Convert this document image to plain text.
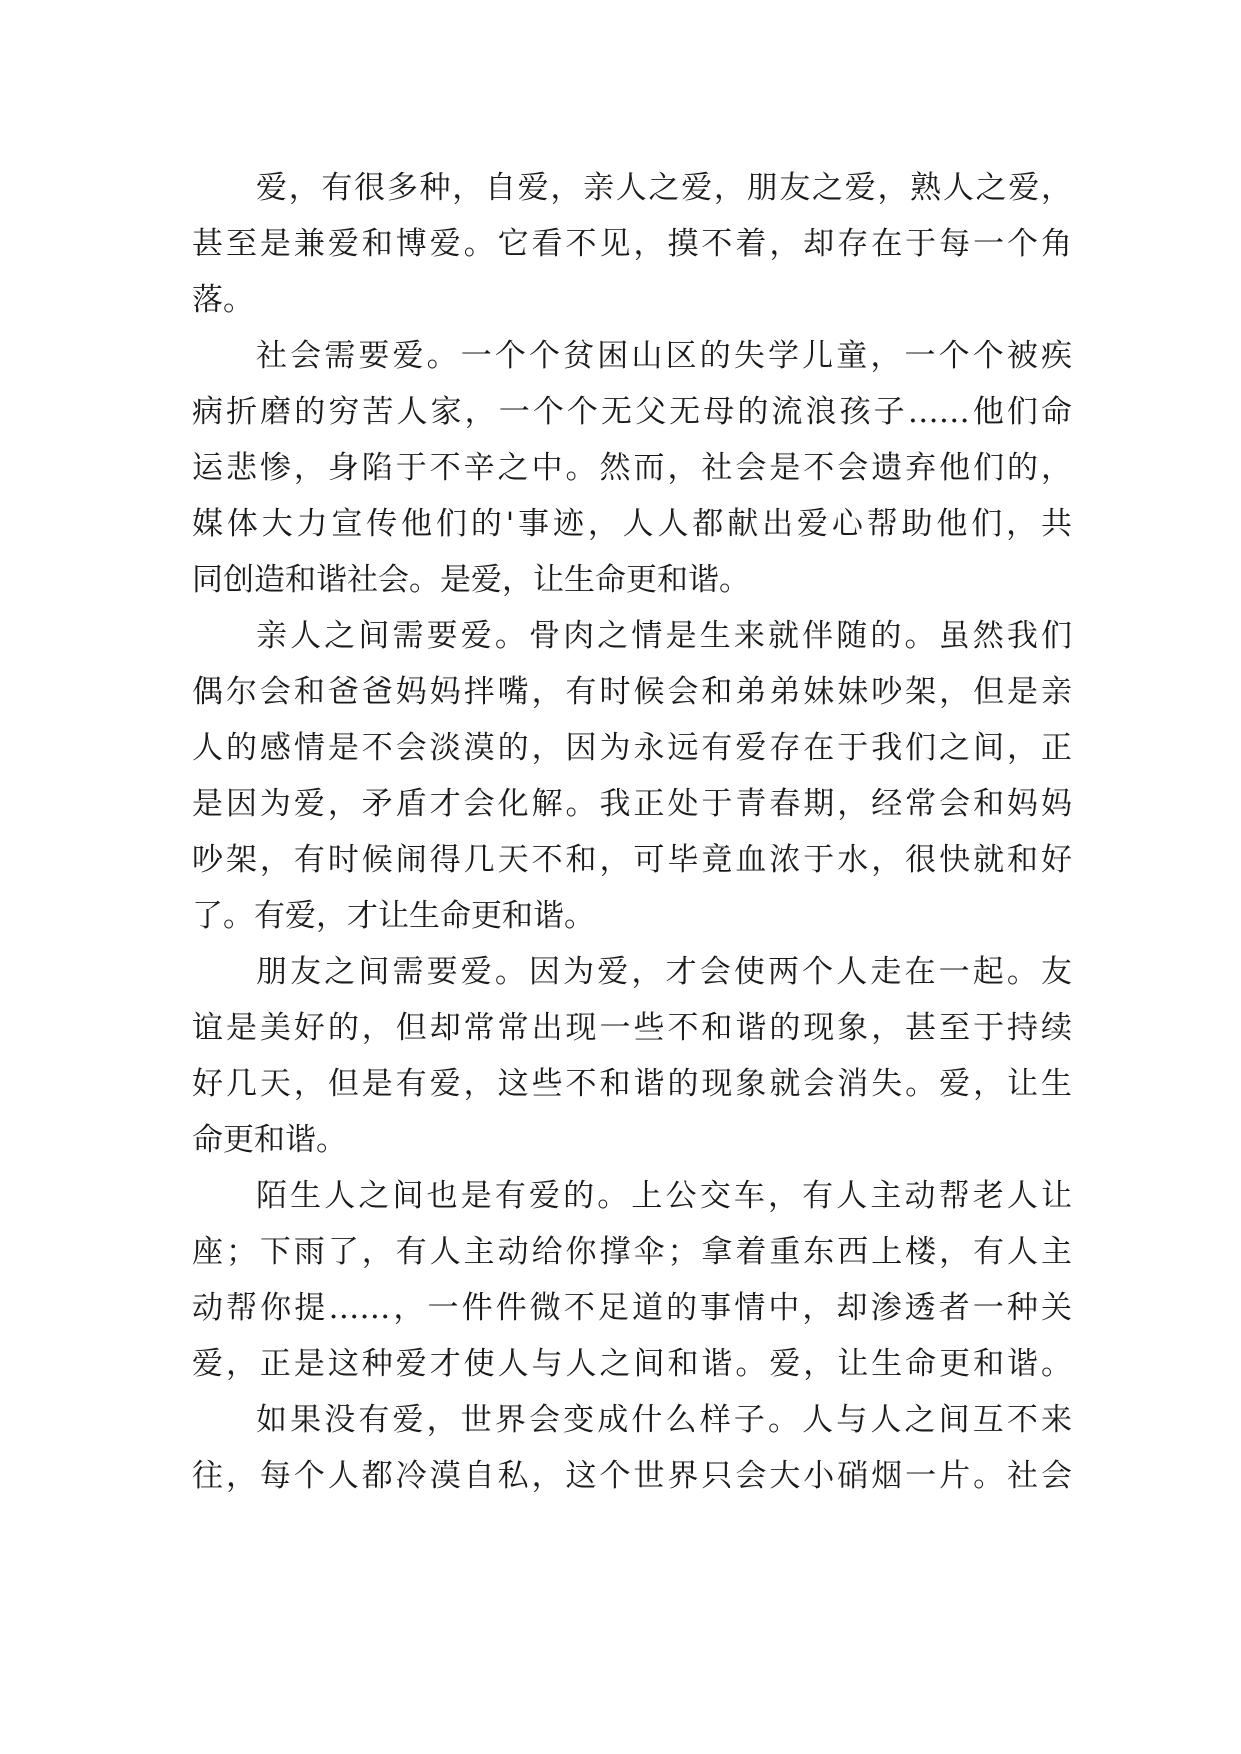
爱，有很多种，自爱，亲人之爱，朋友之爱，熟人之爱，
甚至是兼爱和博爱。它看不见，摸不着，却存在于每一个角
落。
社会需要爱。一个个贫困山区的失学儿童，一个个被疾
病折磨的穷苦人家，一个个无父无母的流浪孩子……他们命
运悲惨，身陷于不辛之中。然而，社会是不会遗弃他们的，
媒体大力宣传他们的'事迹，人人都献出爱心帮助他们，共
同创造和谐社会。是爱，让生命更和谐。
亲人之间需要爱。骨肉之情是生来就伴随的。虽然我们
偶尔会和爸爸妈妈拌嘴，有时候会和弟弟妹妹吵架，但是亲
人的感情是不会淡漠的，因为永远有爱存在于我们之间，正
是因为爱，矛盾才会化解。我正处于青春期，经常会和妈妈
吵架，有时候闹得几天不和，可毕竟血浓于水，很快就和好
了。有爱，才让生命更和谐。
朋友之间需要爱。因为爱，才会使两个人走在一起。友
谊是美好的，但却常常出现一些不和谐的现象，甚至于持续
好几天，但是有爱，这些不和谐的现象就会消失。爱，让生
命更和谐。
陌生人之间也是有爱的。上公交车，有人主动帮老人让
座；下雨了，有人主动给你撑伞；拿着重东西上楼，有人主
动帮你提……，一件件微不足道的事情中，却渗透者一种关
爱，正是这种爱才使人与人之间和谐。爱，让生命更和谐。
如果没有爱，世界会变成什么样子。人与人之间互不来
往，每个人都冷漠自私，这个世界只会大小硝烟一片。社会
